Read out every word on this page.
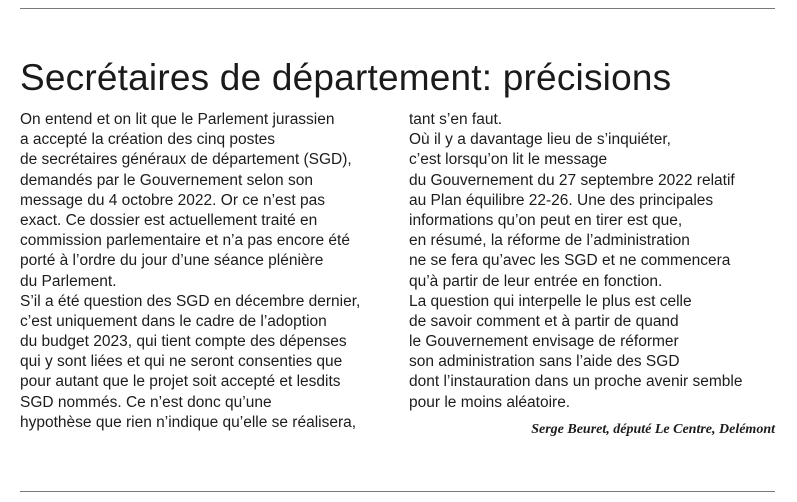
Secrétaires de département: précisions
On entend et on lit que le Parlement jurassien
a accepté la création des cinq postes
de secrétaires généraux de département (SGD),
demandés par le Gouvernement selon son
message du 4 octobre 2022. Or ce n’est pas
exact. Ce dossier est actuellement traité en
commission parlementaire et n’a pas encore été
porté à l’ordre du jour d’une séance plénière
du Parlement.
S’il a été question des SGD en décembre dernier,
c’est uniquement dans le cadre de l’adoption
du budget 2023, qui tient compte des dépenses
qui y sont liées et qui ne seront consenties que
pour autant que le projet soit accepté et lesdits
SGD nommés. Ce n’est donc qu’une
hypothèse que rien n’indique qu’elle se réalisera,
tant s’en faut.
Où il y a davantage lieu de s’inquiéter,
c’est lorsqu’on lit le message
du Gouvernement du 27 septembre 2022 relatif
au Plan équilibre 22-26. Une des principales
informations qu’on peut en tirer est que,
en résumé, la réforme de l’administration
ne se fera qu’avec les SGD et ne commencera
qu’à partir de leur entrée en fonction.
La question qui interpelle le plus est celle
de savoir comment et à partir de quand
le Gouvernement envisage de réformer
son administration sans l’aide des SGD
dont l’instauration dans un proche avenir semble
pour le moins aléatoire.
Serge Beuret, député Le Centre, Delémont
